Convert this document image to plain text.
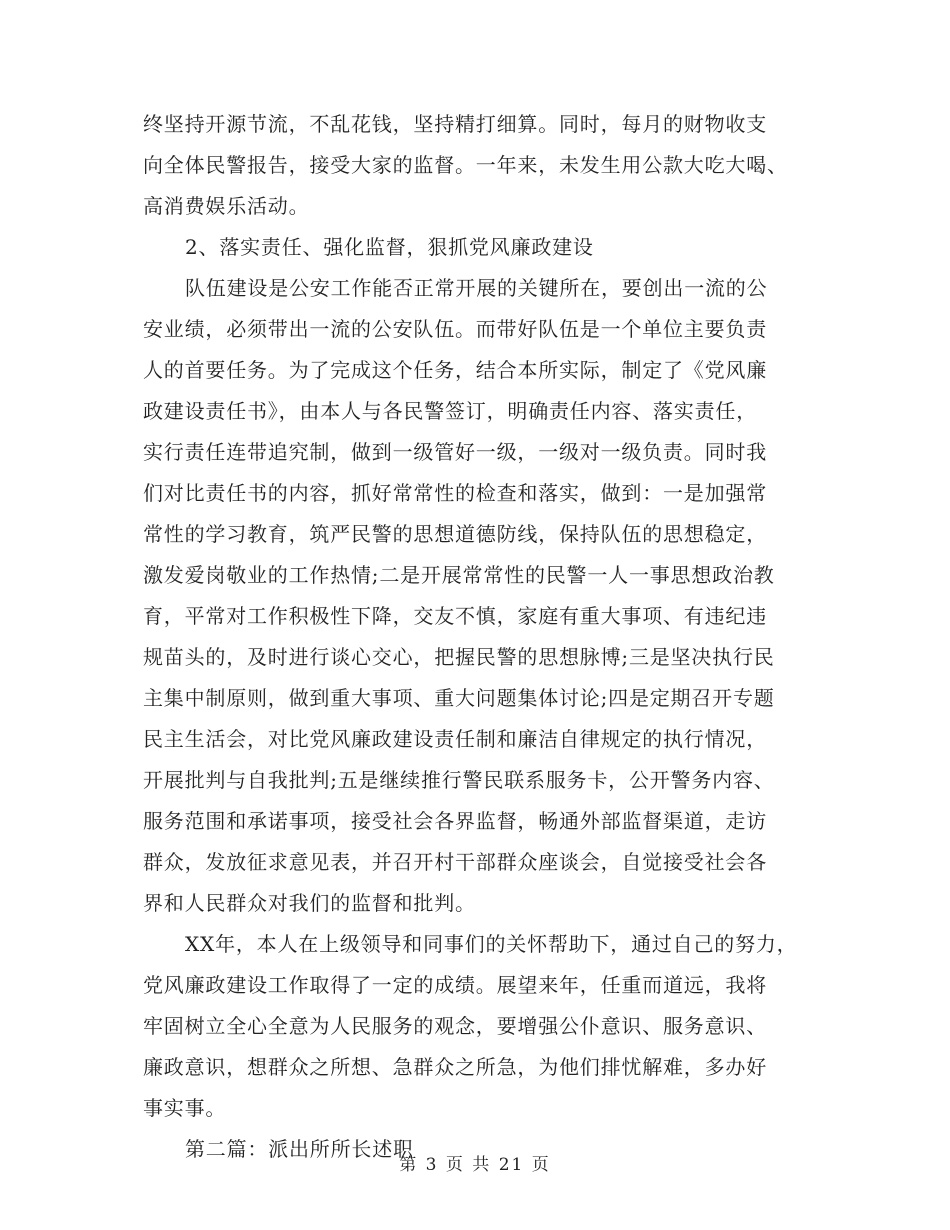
终坚持开源节流，不乱花钱，坚持精打细算。同时，每月的财物收支
向全体民警报告，接受大家的监督。一年来，未发生用公款大吃大喝、
高消费娱乐活动。
2、落实责任、强化监督，狠抓党风廉政建设
队伍建设是公安工作能否正常开展的关键所在，要创出一流的公
安业绩，必须带出一流的公安队伍。而带好队伍是一个单位主要负责
人的首要任务。为了完成这个任务，结合本所实际，制定了《党风廉
政建设责任书》，由本人与各民警签订，明确责任内容、落实责任，
实行责任连带追究制，做到一级管好一级，一级对一级负责。同时我
们对比责任书的内容，抓好常常性的检查和落实，做到：一是加强常
常性的学习教育，筑严民警的思想道德防线，保持队伍的思想稳定，
激发爱岗敬业的工作热情;二是开展常常性的民警一人一事思想政治教
育，平常对工作积极性下降，交友不慎，家庭有重大事项、有违纪违
规苗头的，及时进行谈心交心，把握民警的思想脉博;三是坚决执行民
主集中制原则，做到重大事项、重大问题集体讨论;四是定期召开专题
民主生活会，对比党风廉政建设责任制和廉洁自律规定的执行情况，
开展批判与自我批判;五是继续推行警民联系服务卡，公开警务内容、
服务范围和承诺事项，接受社会各界监督，畅通外部监督渠道，走访
群众，发放征求意见表，并召开村干部群众座谈会，自觉接受社会各
界和人民群众对我们的监督和批判。
XX年，本人在上级领导和同事们的关怀帮助下，通过自己的努力，
党风廉政建设工作取得了一定的成绩。展望来年，任重而道远，我将
牢固树立全心全意为人民服务的观念，要增强公仆意识、服务意识、
廉政意识，想群众之所想、急群众之所急，为他们排忧解难，多办好
事实事。
第二篇：派出所所长述职
第 3 页 共 21 页
